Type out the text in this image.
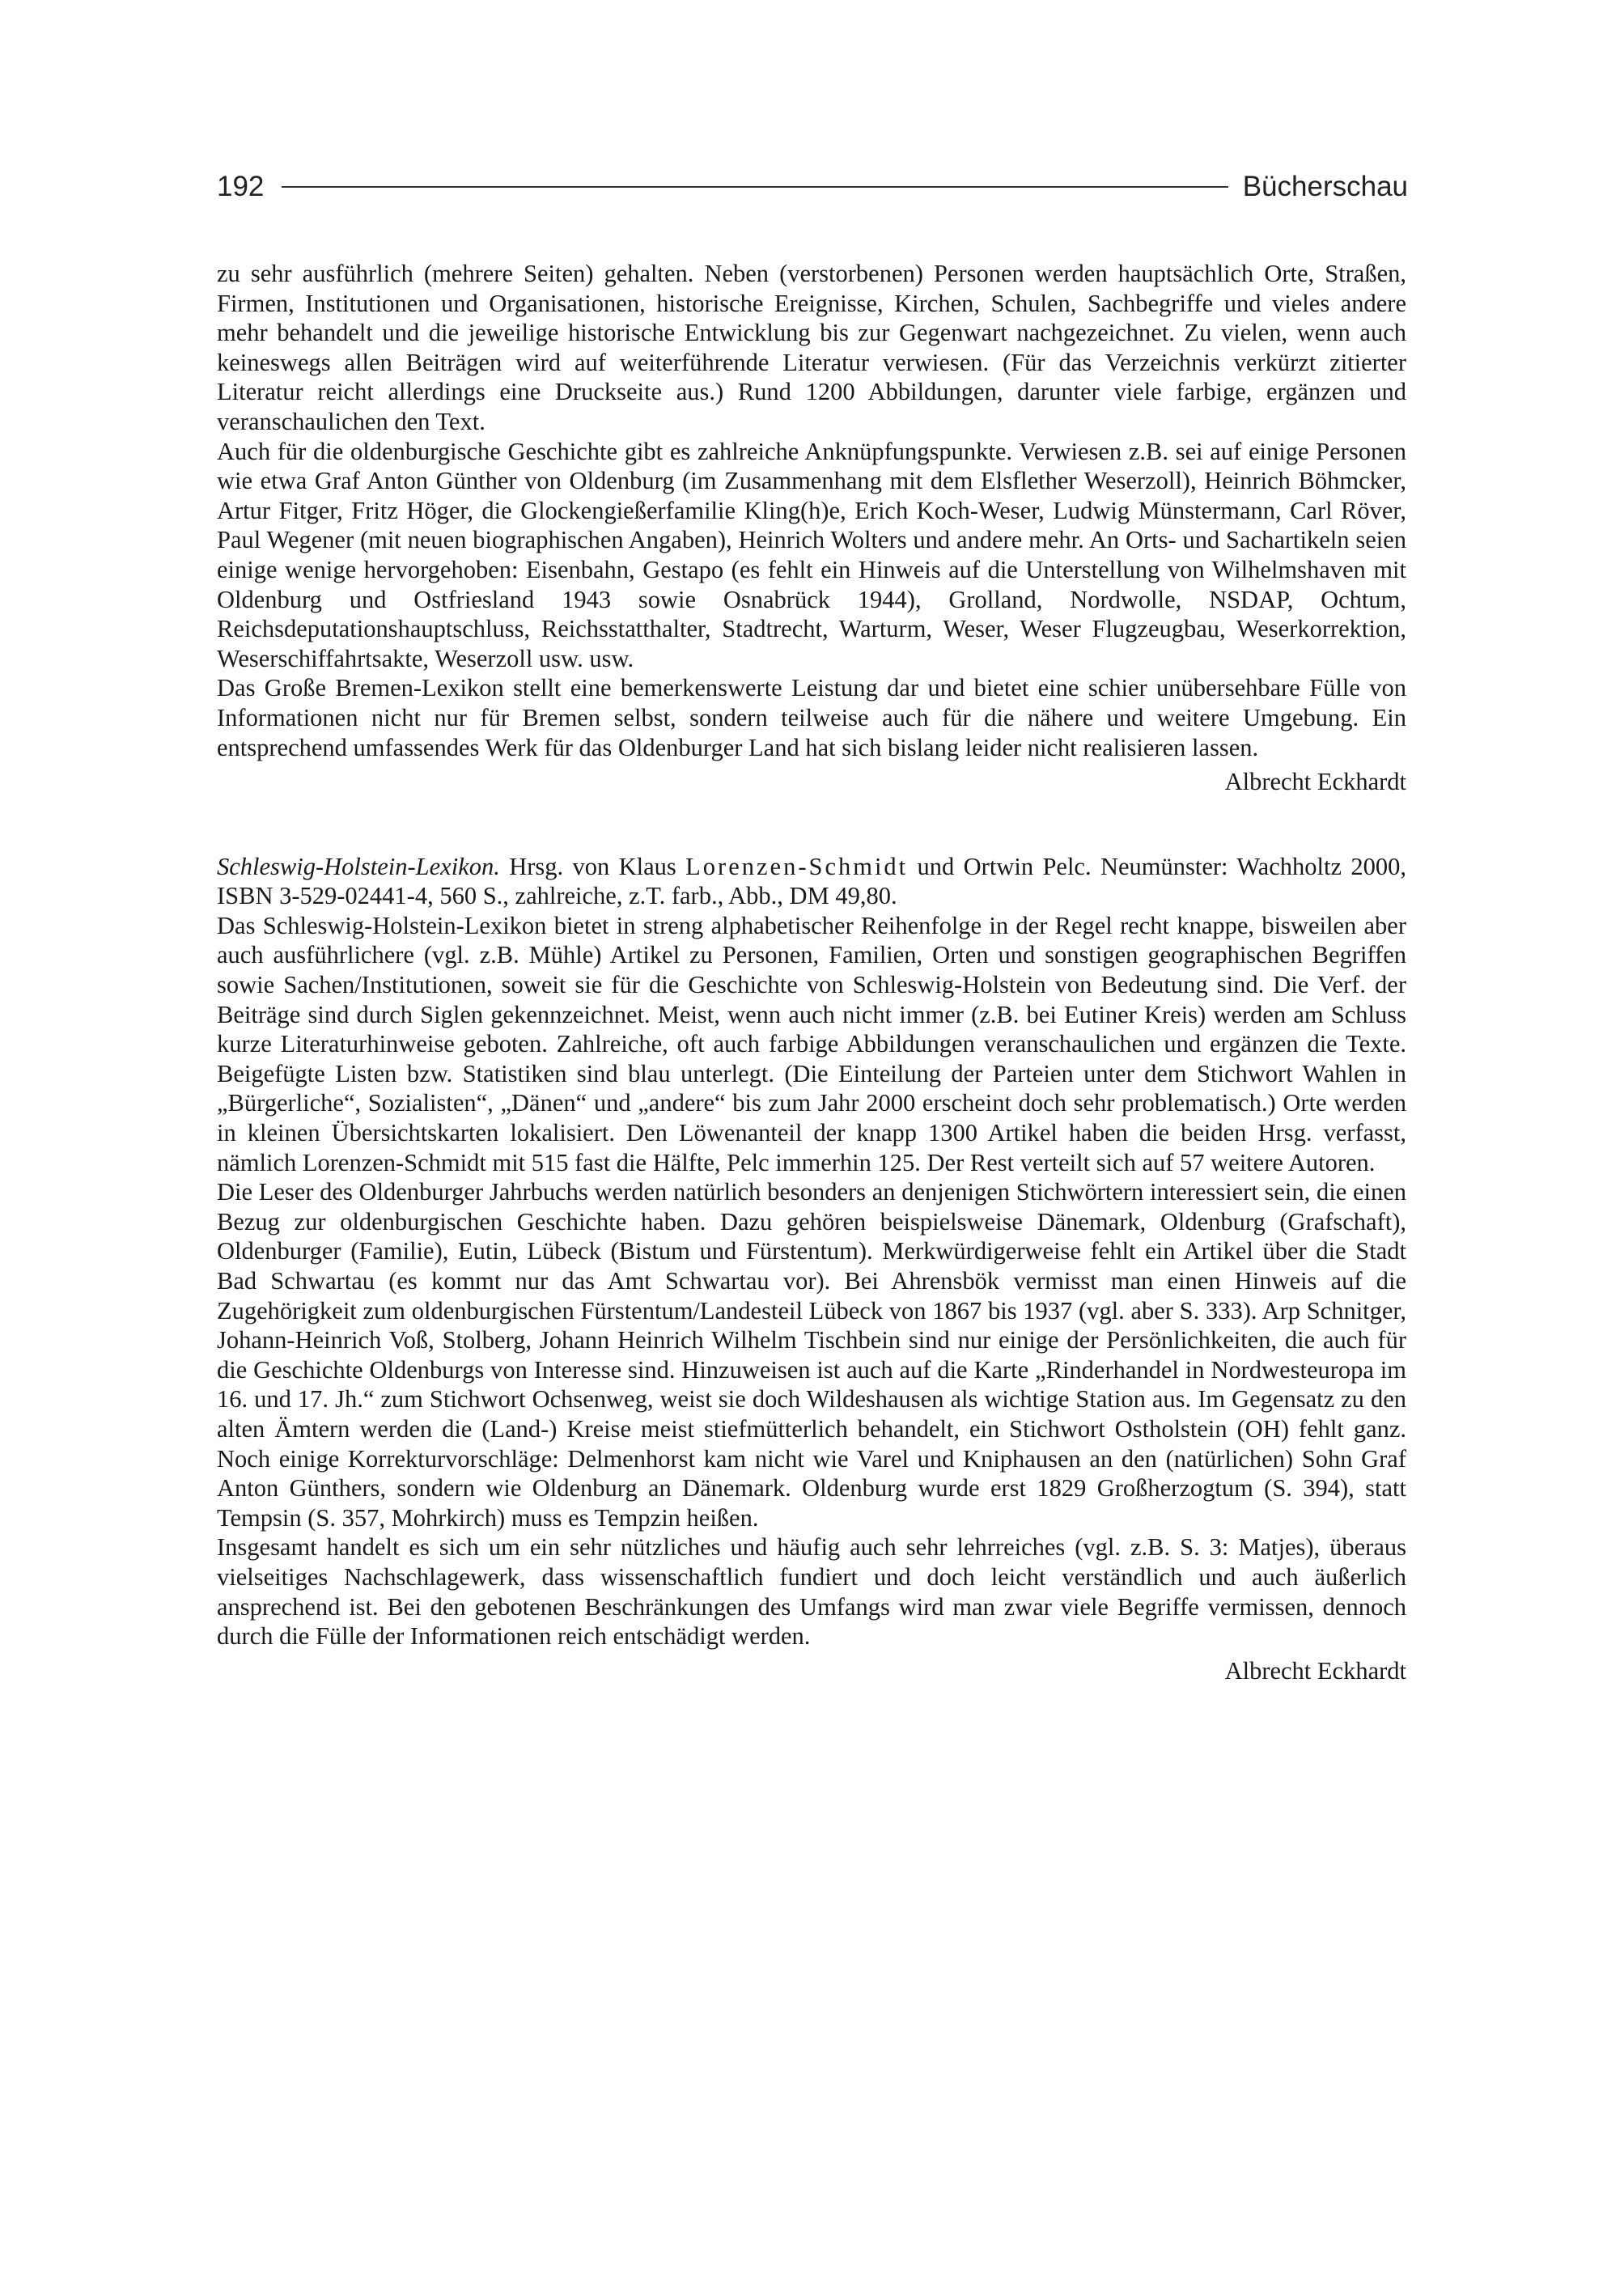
192	Bücherschau

zu sehr ausführlich (mehrere Seiten) gehalten. Neben (verstorbenen) Personen werden hauptsächlich Orte, Straßen, Firmen, Institutionen und Organisationen, historische Ereignisse, Kirchen, Schulen, Sachbegriffe und vieles andere mehr behandelt und die jeweilige historische Entwicklung bis zur Gegenwart nachgezeichnet. Zu vielen, wenn auch keineswegs allen Beiträgen wird auf weiterführende Literatur verwiesen. (Für das Verzeichnis verkürzt zitierter Literatur reicht allerdings eine Druckseite aus.) Rund 1200 Abbildungen, darunter viele farbige, ergänzen und veranschaulichen den Text.

Auch für die oldenburgische Geschichte gibt es zahlreiche Anknüpfungspunkte. Verwiesen z.B. sei auf einige Personen wie etwa Graf Anton Günther von Oldenburg (im Zusammenhang mit dem Elsflether Weserzoll), Heinrich Böhmcker, Artur Fitger, Fritz Höger, die Glockengießerfamilie Kling(h)e, Erich Koch-Weser, Ludwig Münstermann, Carl Röver, Paul Wegener (mit neuen biographischen Angaben), Heinrich Wolters und andere mehr. An Orts- und Sachartikeln seien einige wenige hervorgehoben: Eisenbahn, Gestapo (es fehlt ein Hinweis auf die Unterstellung von Wilhelmshaven mit Oldenburg und Ostfriesland 1943 sowie Osnabrück 1944), Grolland, Nordwolle, NSDAP, Ochtum, Reichsdeputationshauptschluss, Reichsstatthalter, Stadtrecht, Warturm, Weser, Weser Flugzeugbau, Weserkorrektion, Weserschiffahrtsakte, Weserzoll usw. usw.

Das Große Bremen-Lexikon stellt eine bemerkenswerte Leistung dar und bietet eine schier unübersehbare Fülle von Informationen nicht nur für Bremen selbst, sondern teilweise auch für die nähere und weitere Umgebung. Ein entsprechend umfassendes Werk für das Oldenburger Land hat sich bislang leider nicht realisieren lassen.

Albrecht Eckhardt

Schleswig-Holstein-Lexikon. Hrsg. von Klaus Lorenzen-Schmidt und Ortwin Pelc. Neumünster: Wachholtz 2000, ISBN 3-529-02441-4, 560 S., zahlreiche, z.T. farb., Abb., DM 49,80.

Das Schleswig-Holstein-Lexikon bietet in streng alphabetischer Reihenfolge in der Regel recht knappe, bisweilen aber auch ausführlichere (vgl. z.B. Mühle) Artikel zu Personen, Familien, Orten und sonstigen geographischen Begriffen sowie Sachen/Institutionen, soweit sie für die Geschichte von Schleswig-Holstein von Bedeutung sind. Die Verf. der Beiträge sind durch Siglen gekennzeichnet. Meist, wenn auch nicht immer (z.B. bei Eutiner Kreis) werden am Schluss kurze Literaturhinweise geboten. Zahlreiche, oft auch farbige Abbildungen veranschaulichen und ergänzen die Texte. Beigefügte Listen bzw. Statistiken sind blau unterlegt. (Die Einteilung der Parteien unter dem Stichwort Wahlen in „Bürgerliche“, Sozialisten“, „Dänen“ und „andere“ bis zum Jahr 2000 erscheint doch sehr problematisch.) Orte werden in kleinen Übersichtskarten lokalisiert. Den Löwenanteil der knapp 1300 Artikel haben die beiden Hrsg. verfasst, nämlich Lorenzen-Schmidt mit 515 fast die Hälfte, Pelc immerhin 125. Der Rest verteilt sich auf 57 weitere Autoren.

Die Leser des Oldenburger Jahrbuchs werden natürlich besonders an denjenigen Stichwörtern interessiert sein, die einen Bezug zur oldenburgischen Geschichte haben. Dazu gehören beispielsweise Dänemark, Oldenburg (Grafschaft), Oldenburger (Familie), Eutin, Lübeck (Bistum und Fürstentum). Merkwürdigerweise fehlt ein Artikel über die Stadt Bad Schwartau (es kommt nur das Amt Schwartau vor). Bei Ahrensbök vermisst man einen Hinweis auf die Zugehörigkeit zum oldenburgischen Fürstentum/Landesteil Lübeck von 1867 bis 1937 (vgl. aber S. 333). Arp Schnitger, Johann-Heinrich Voß, Stolberg, Johann Heinrich Wilhelm Tischbein sind nur einige der Persönlichkeiten, die auch für die Geschichte Oldenburgs von Interesse sind. Hinzuweisen ist auch auf die Karte „Rinderhandel in Nordwesteuropa im 16. und 17. Jh.“ zum Stichwort Ochsenweg, weist sie doch Wildeshausen als wichtige Station aus. Im Gegensatz zu den alten Ämtern werden die (Land-) Kreise meist stiefmütterlich behandelt, ein Stichwort Ostholstein (OH) fehlt ganz. Noch einige Korrekturvorschläge: Delmenhorst kam nicht wie Varel und Kniphausen an den (natürlichen) Sohn Graf Anton Günthers, sondern wie Oldenburg an Dänemark. Oldenburg wurde erst 1829 Großherzogtum (S. 394), statt Tempsin (S. 357, Mohrkirch) muss es Tempzin heißen.

Insgesamt handelt es sich um ein sehr nützliches und häufig auch sehr lehrreiches (vgl. z.B. S. 3: Matjes), überaus vielseitiges Nachschlagewerk, dass wissenschaftlich fundiert und doch leicht verständlich und auch äußerlich ansprechend ist. Bei den gebotenen Beschränkungen des Umfangs wird man zwar viele Begriffe vermissen, dennoch durch die Fülle der Informationen reich entschädigt werden.

Albrecht Eckhardt
